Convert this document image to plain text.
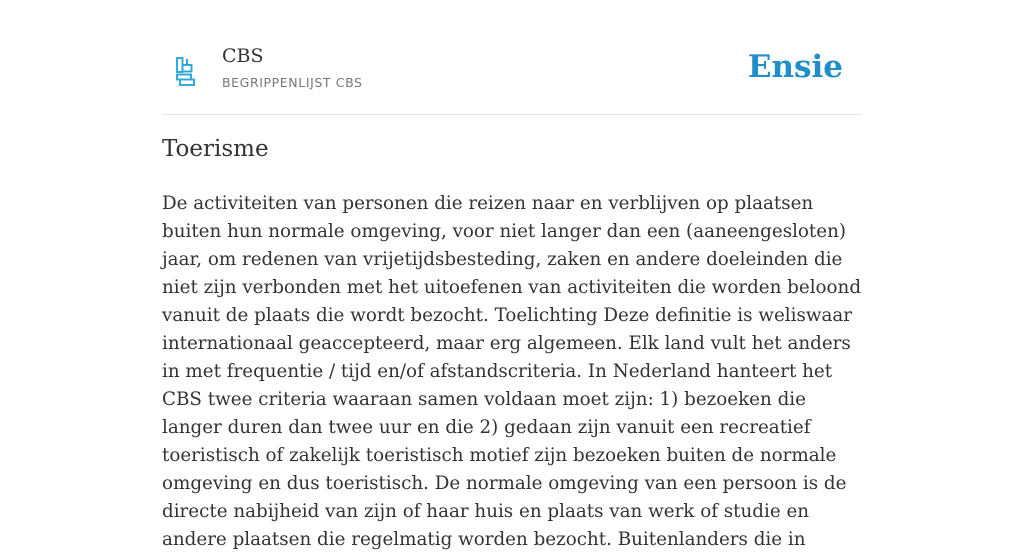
CBS
BEGRIPPENLIJST CBS	Ensie
Toerisme

De activiteiten van personen die reizen naar en verblijven op plaatsen buiten hun normale omgeving, voor niet langer dan een (aaneengesloten) jaar, om redenen van vrijetijdsbesteding, zaken en andere doeleinden die niet zijn verbonden met het uitoefenen van activiteiten die worden beloond vanuit de plaats die wordt bezocht. Toelichting Deze definitie is weliswaar internationaal geaccepteerd, maar erg algemeen. Elk land vult het anders in met frequentie / tijd en/of afstandscriteria. In Nederland hanteert het CBS twee criteria waaraan samen voldaan moet zijn: 1) bezoeken die langer duren dan twee uur en die 2) gedaan zijn vanuit een recreatief toeristisch of zakelijk toeristisch motief zijn bezoeken buiten de normale omgeving en dus toeristisch. De normale omgeving van een persoon is de directe nabijheid van zijn of haar huis en plaats van werk of studie en andere plaatsen die regelmatig worden bezocht. Buitenlanders die in
